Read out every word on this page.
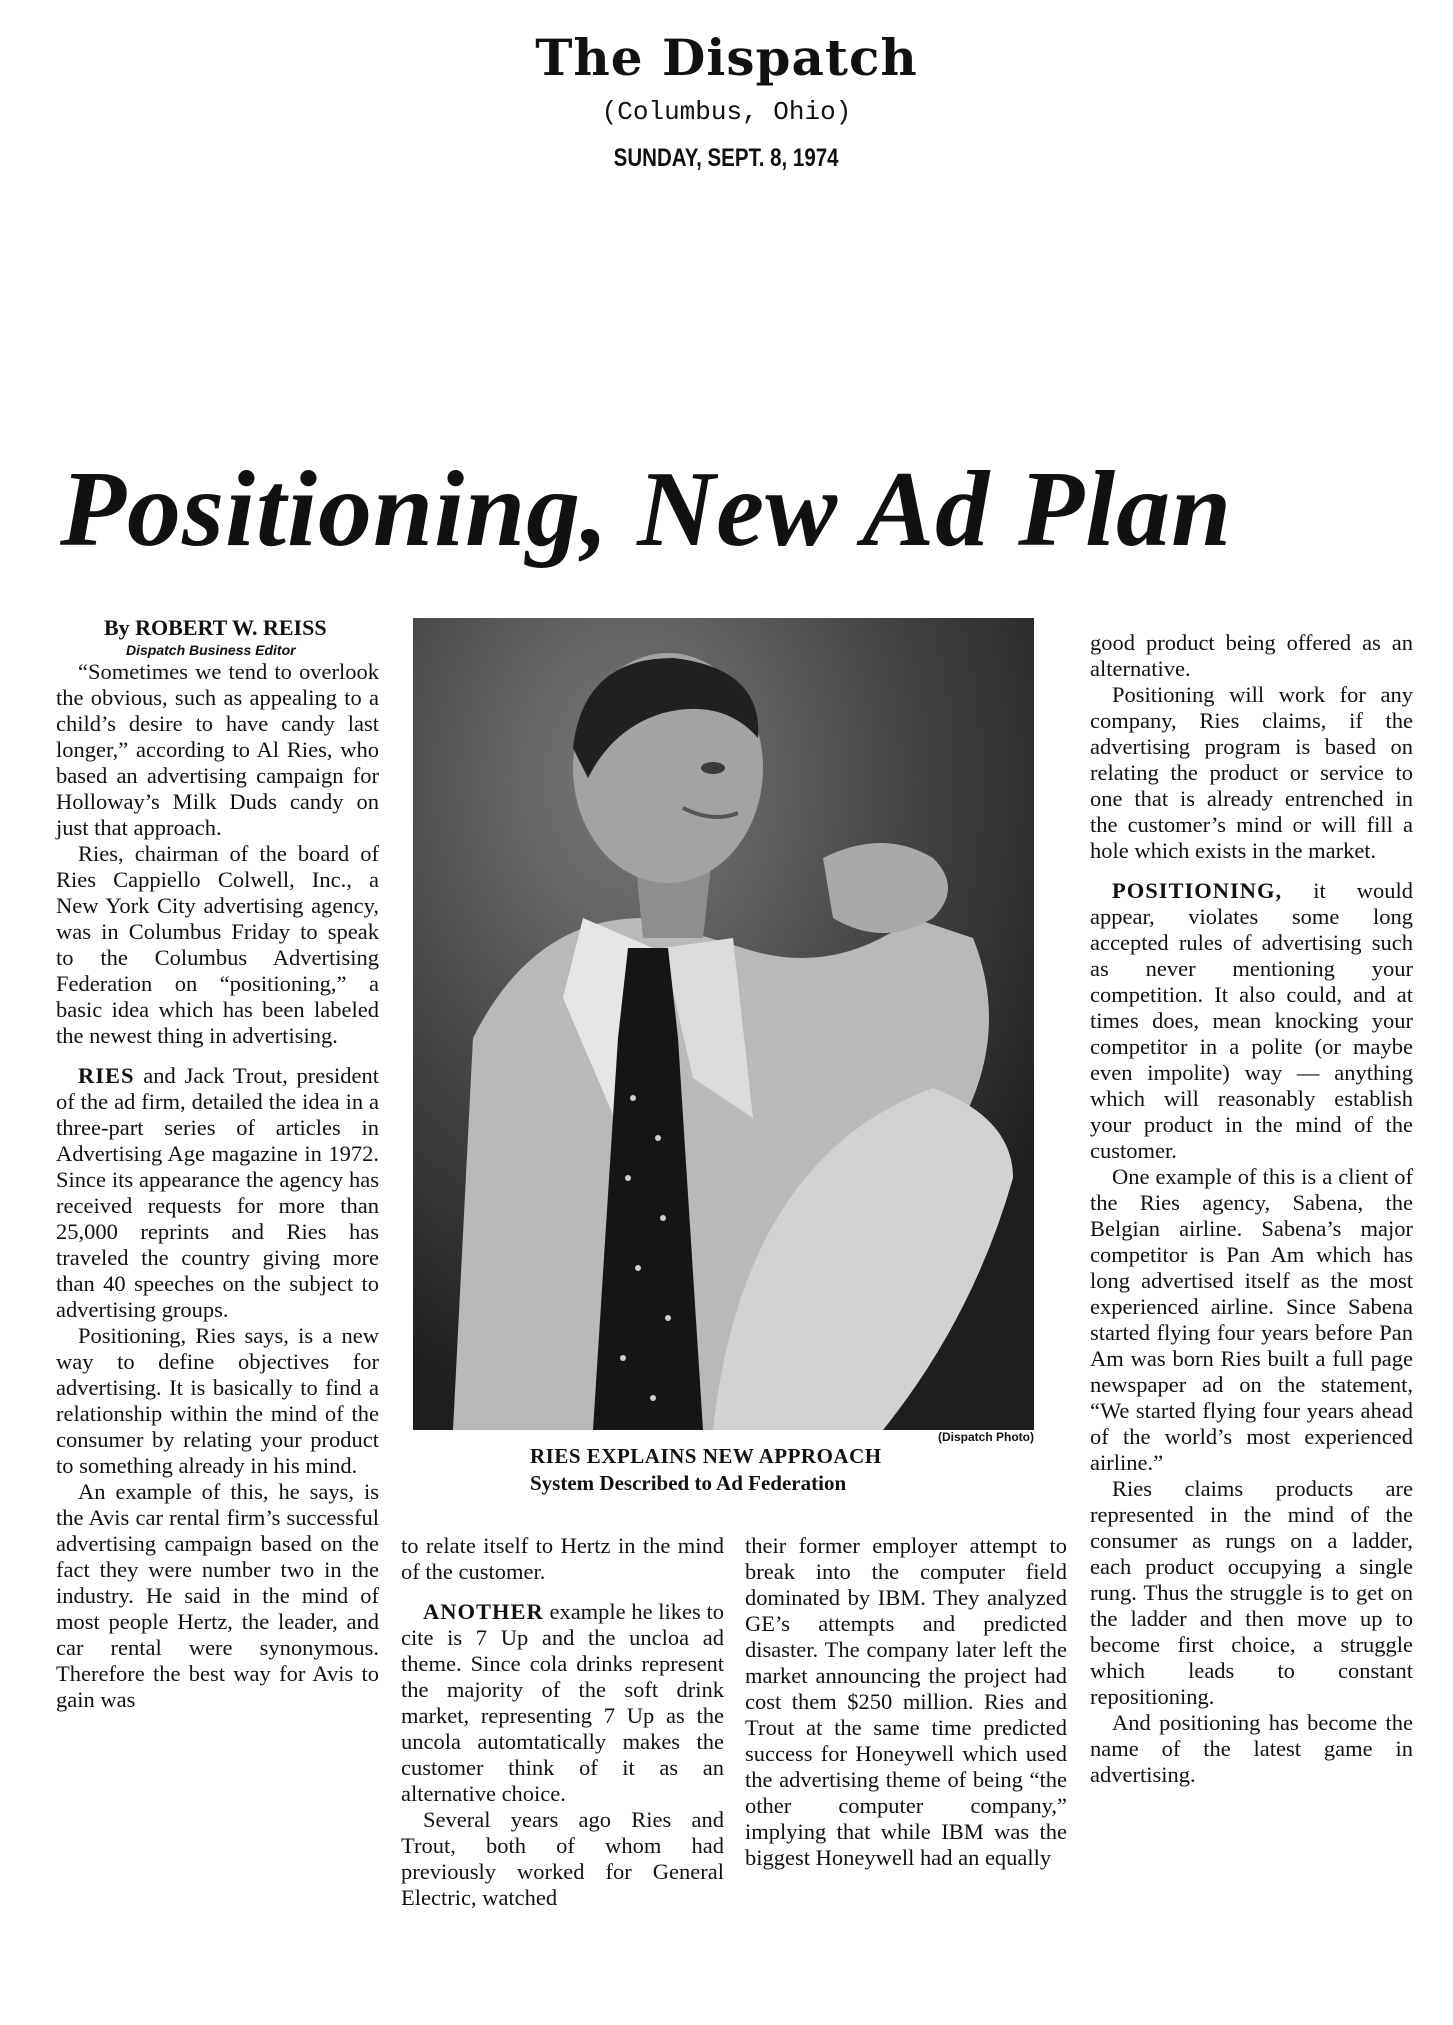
The Dispatch
(Columbus, Ohio)
SUNDAY, SEPT. 8, 1974
Positioning, New Ad Plan

By ROBERT W. REISS

Dispatch Business Editor

“Sometimes we tend to overlook the obvious, such as appealing to a child’s desire to have candy last longer,” according to Al Ries, who based an advertising campaign for Holloway’s Milk Duds candy on just that approach.

Ries, chairman of the board of Ries Cappiello Colwell, Inc., a New York City advertising agency, was in Columbus Friday to speak to the Columbus Advertising Federation on “positioning,” a basic idea which has been labeled the newest thing in advertising.

RIES and Jack Trout, president of the ad firm, detailed the idea in a three-part series of articles in Advertising Age magazine in 1972. Since its appearance the agency has received requests for more than 25,000 reprints and Ries has traveled the country giving more than 40 speeches on the subject to advertising groups.

Positioning, Ries says, is a new way to define objectives for advertising. It is basically to find a relationship within the mind of the consumer by relating your product to something already in his mind.

An example of this, he says, is the Avis car rental firm’s successful advertising campaign based on the fact they were number two in the industry. He said in the mind of most people Hertz, the leader, and car rental were synonymous. Therefore the best way for Avis to gain was

(Dispatch Photo)
RIES EXPLAINS NEW APPROACH
System Described to Ad Federation

to relate itself to Hertz in the mind of the customer.

ANOTHER example he likes to cite is 7 Up and the uncloa ad theme. Since cola drinks represent the majority of the soft drink market, representing 7 Up as the uncola automtatically makes the customer think of it as an alternative choice.

Several years ago Ries and Trout, both of whom had previously worked for General Electric, watched

their former employer attempt to break into the computer field dominated by IBM. They analyzed GE’s attempts and predicted disaster. The company later left the market announcing the project had cost them $250 million. Ries and Trout at the same time predicted success for Honeywell which used the advertising theme of being “the other computer company,” implying that while IBM was the biggest Honeywell had an equally

good product being offered as an alternative.

Positioning will work for any company, Ries claims, if the advertising program is based on relating the product or service to one that is already entrenched in the customer’s mind or will fill a hole which exists in the market.

POSITIONING, it would appear, violates some long accepted rules of advertising such as never mentioning your competition. It also could, and at times does, mean knocking your competitor in a polite (or maybe even impolite) way — anything which will reasonably establish your product in the mind of the customer.

One example of this is a client of the Ries agency, Sabena, the Belgian airline. Sabena’s major competitor is Pan Am which has long advertised itself as the most experienced airline. Since Sabena started flying four years before Pan Am was born Ries built a full page newspaper ad on the statement, “We started flying four years ahead of the world’s most experienced airline.”

Ries claims products are represented in the mind of the consumer as rungs on a ladder, each product occupying a single rung. Thus the struggle is to get on the ladder and then move up to become first choice, a struggle which leads to constant repositioning.

And positioning has become the name of the latest game in advertising.
